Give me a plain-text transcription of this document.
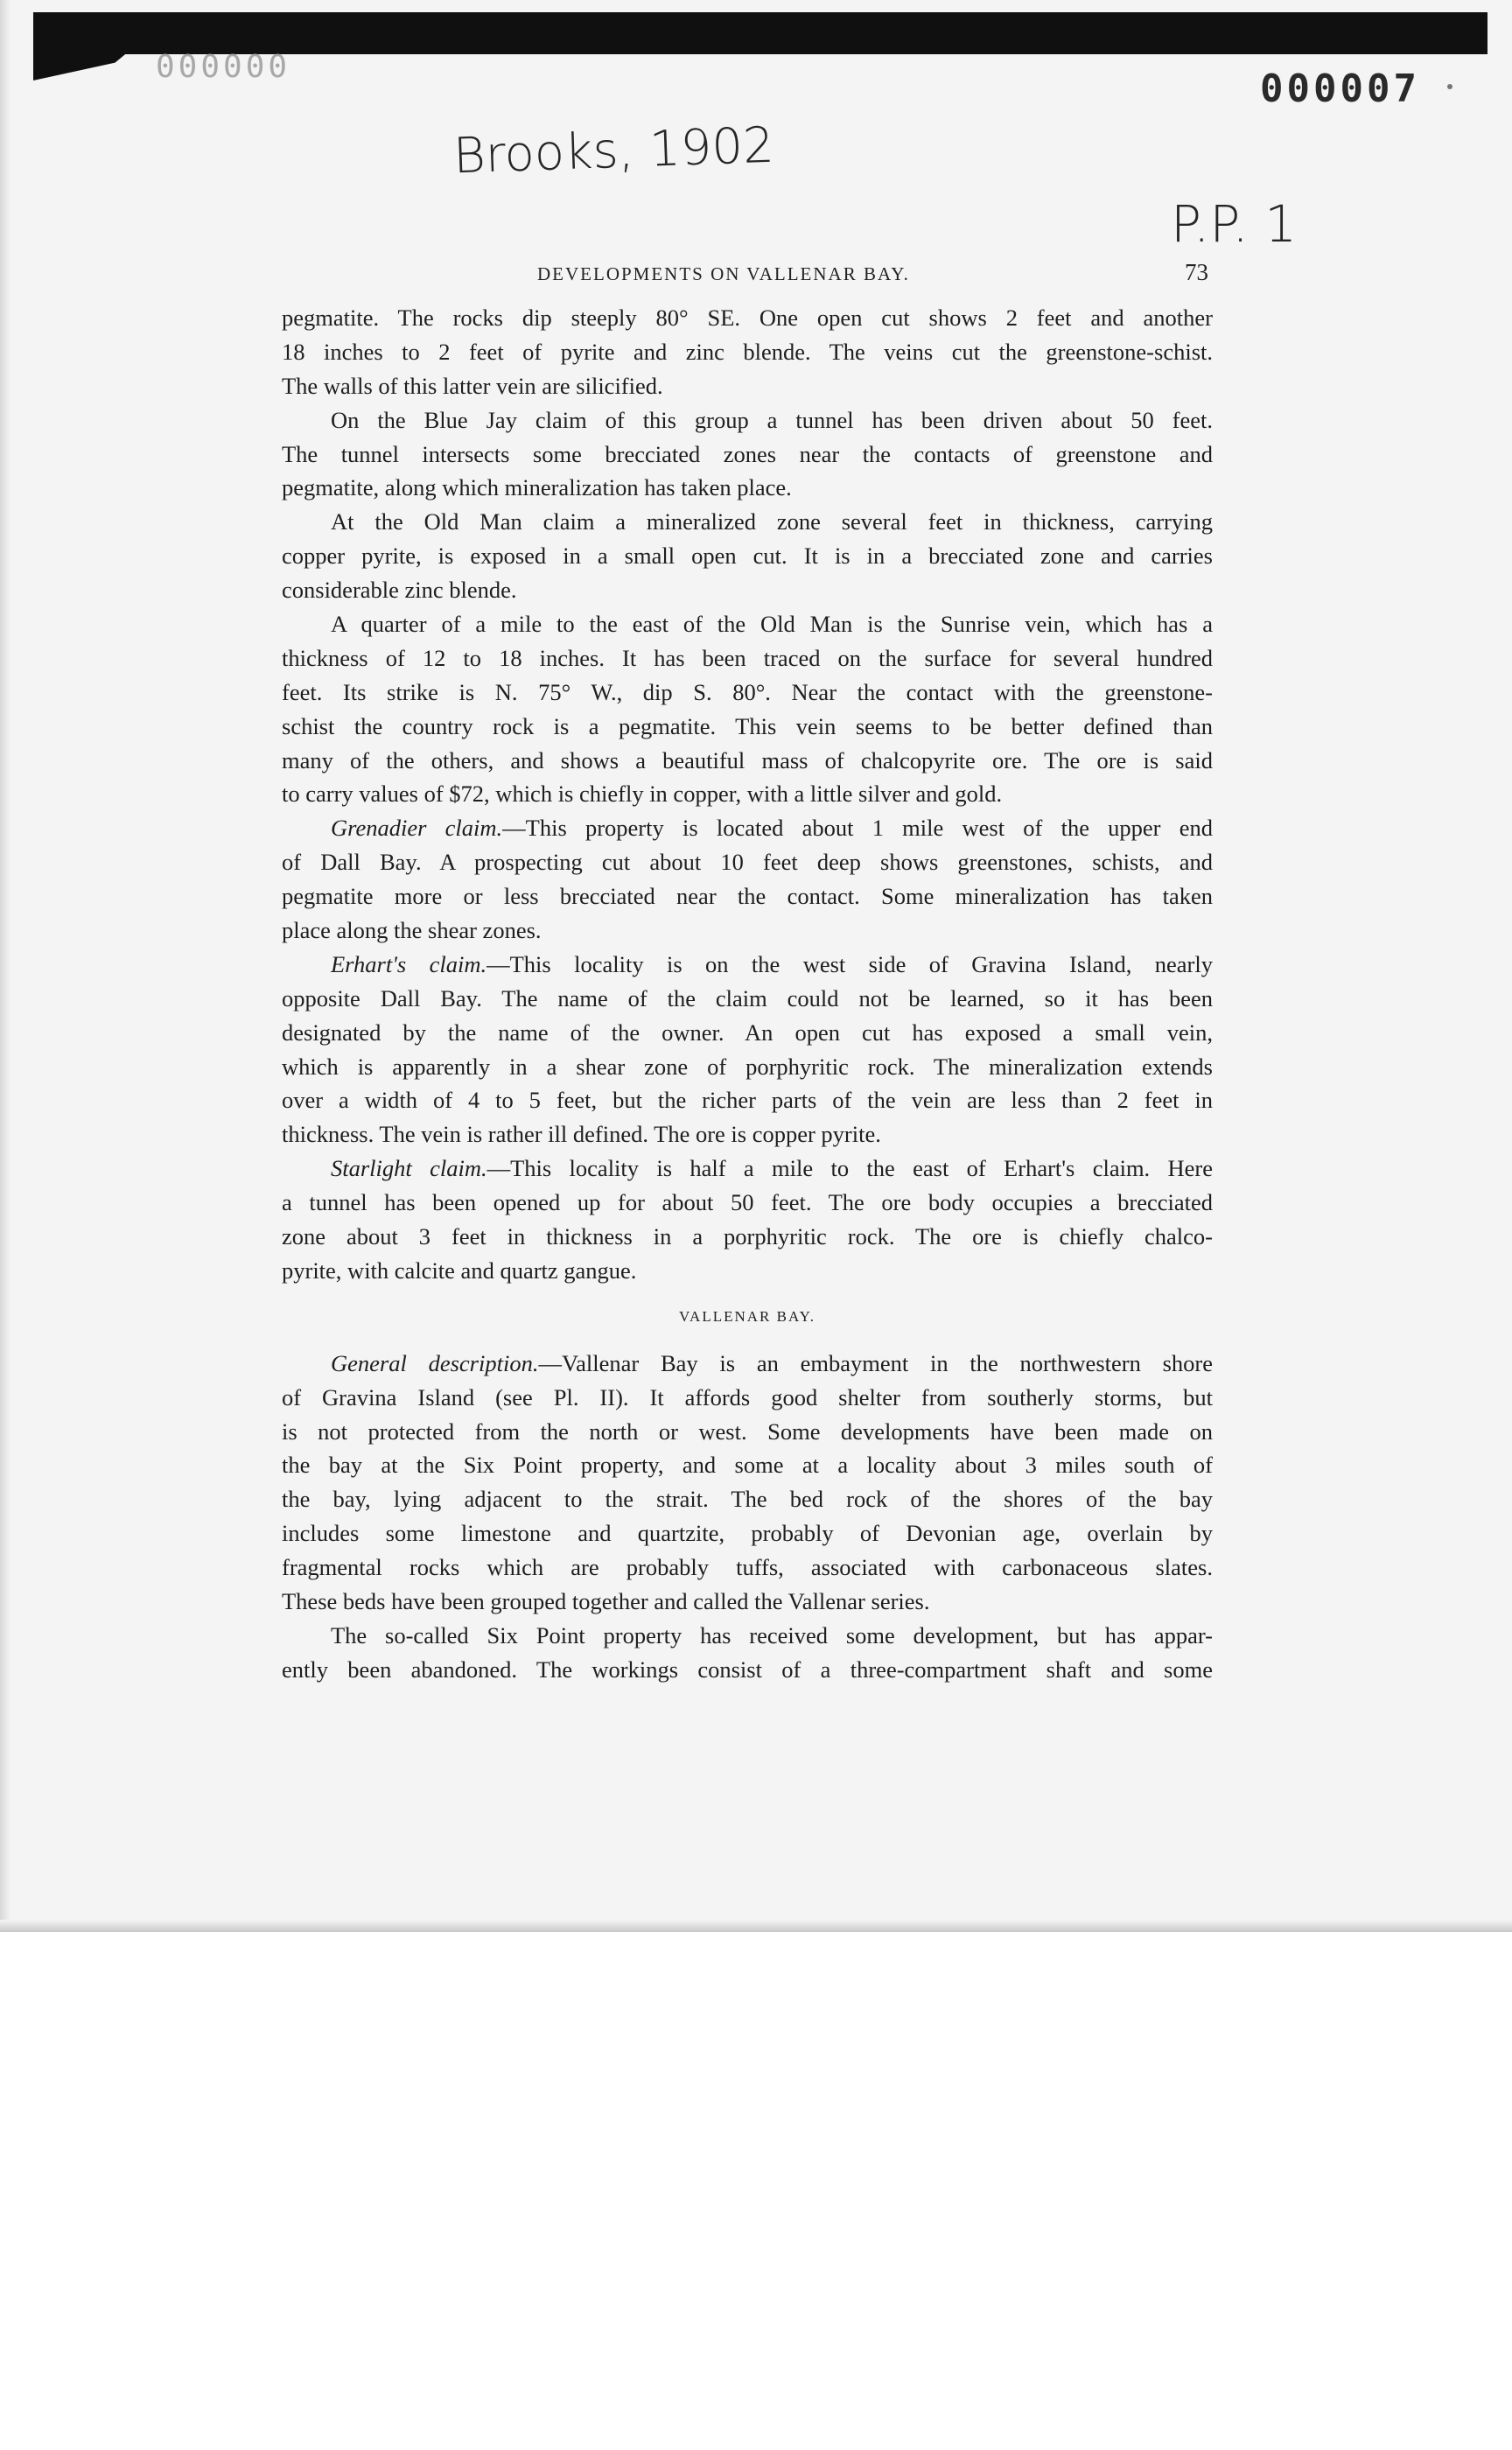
000000	000007
Brooks, 1902
P.P. 1
DEVELOPMENTS ON VALLENAR BAY.	73
pegmatite. The rocks dip steeply 80° SE. One open cut shows 2 feet and another
18 inches to 2 feet of pyrite and zinc blende. The veins cut the greenstone-schist.
The walls of this latter vein are silicified.
On the Blue Jay claim of this group a tunnel has been driven about 50 feet.
The tunnel intersects some brecciated zones near the contacts of greenstone and
pegmatite, along which mineralization has taken place.
At the Old Man claim a mineralized zone several feet in thickness, carrying
copper pyrite, is exposed in a small open cut. It is in a brecciated zone and carries
considerable zinc blende.
A quarter of a mile to the east of the Old Man is the Sunrise vein, which has a
thickness of 12 to 18 inches. It has been traced on the surface for several hundred
feet. Its strike is N. 75° W., dip S. 80°. Near the contact with the greenstone-
schist the country rock is a pegmatite. This vein seems to be better defined than
many of the others, and shows a beautiful mass of chalcopyrite ore. The ore is said
to carry values of $72, which is chiefly in copper, with a little silver and gold.
Grenadier claim.—This property is located about 1 mile west of the upper end
of Dall Bay. A prospecting cut about 10 feet deep shows greenstones, schists, and
pegmatite more or less brecciated near the contact. Some mineralization has taken
place along the shear zones.
Erhart's claim.—This locality is on the west side of Gravina Island, nearly
opposite Dall Bay. The name of the claim could not be learned, so it has been
designated by the name of the owner. An open cut has exposed a small vein,
which is apparently in a shear zone of porphyritic rock. The mineralization extends
over a width of 4 to 5 feet, but the richer parts of the vein are less than 2 feet in
thickness. The vein is rather ill defined. The ore is copper pyrite.
Starlight claim.—This locality is half a mile to the east of Erhart's claim. Here
a tunnel has been opened up for about 50 feet. The ore body occupies a brecciated
zone about 3 feet in thickness in a porphyritic rock. The ore is chiefly chalco-
pyrite, with calcite and quartz gangue.
VALLENAR BAY.
General description.—Vallenar Bay is an embayment in the northwestern shore
of Gravina Island (see Pl. II). It affords good shelter from southerly storms, but
is not protected from the north or west. Some developments have been made on
the bay at the Six Point property, and some at a locality about 3 miles south of
the bay, lying adjacent to the strait. The bed rock of the shores of the bay
includes some limestone and quartzite, probably of Devonian age, overlain by
fragmental rocks which are probably tuffs, associated with carbonaceous slates.
These beds have been grouped together and called the Vallenar series.
The so-called Six Point property has received some development, but has appar-
ently been abandoned. The workings consist of a three-compartment shaft and some
